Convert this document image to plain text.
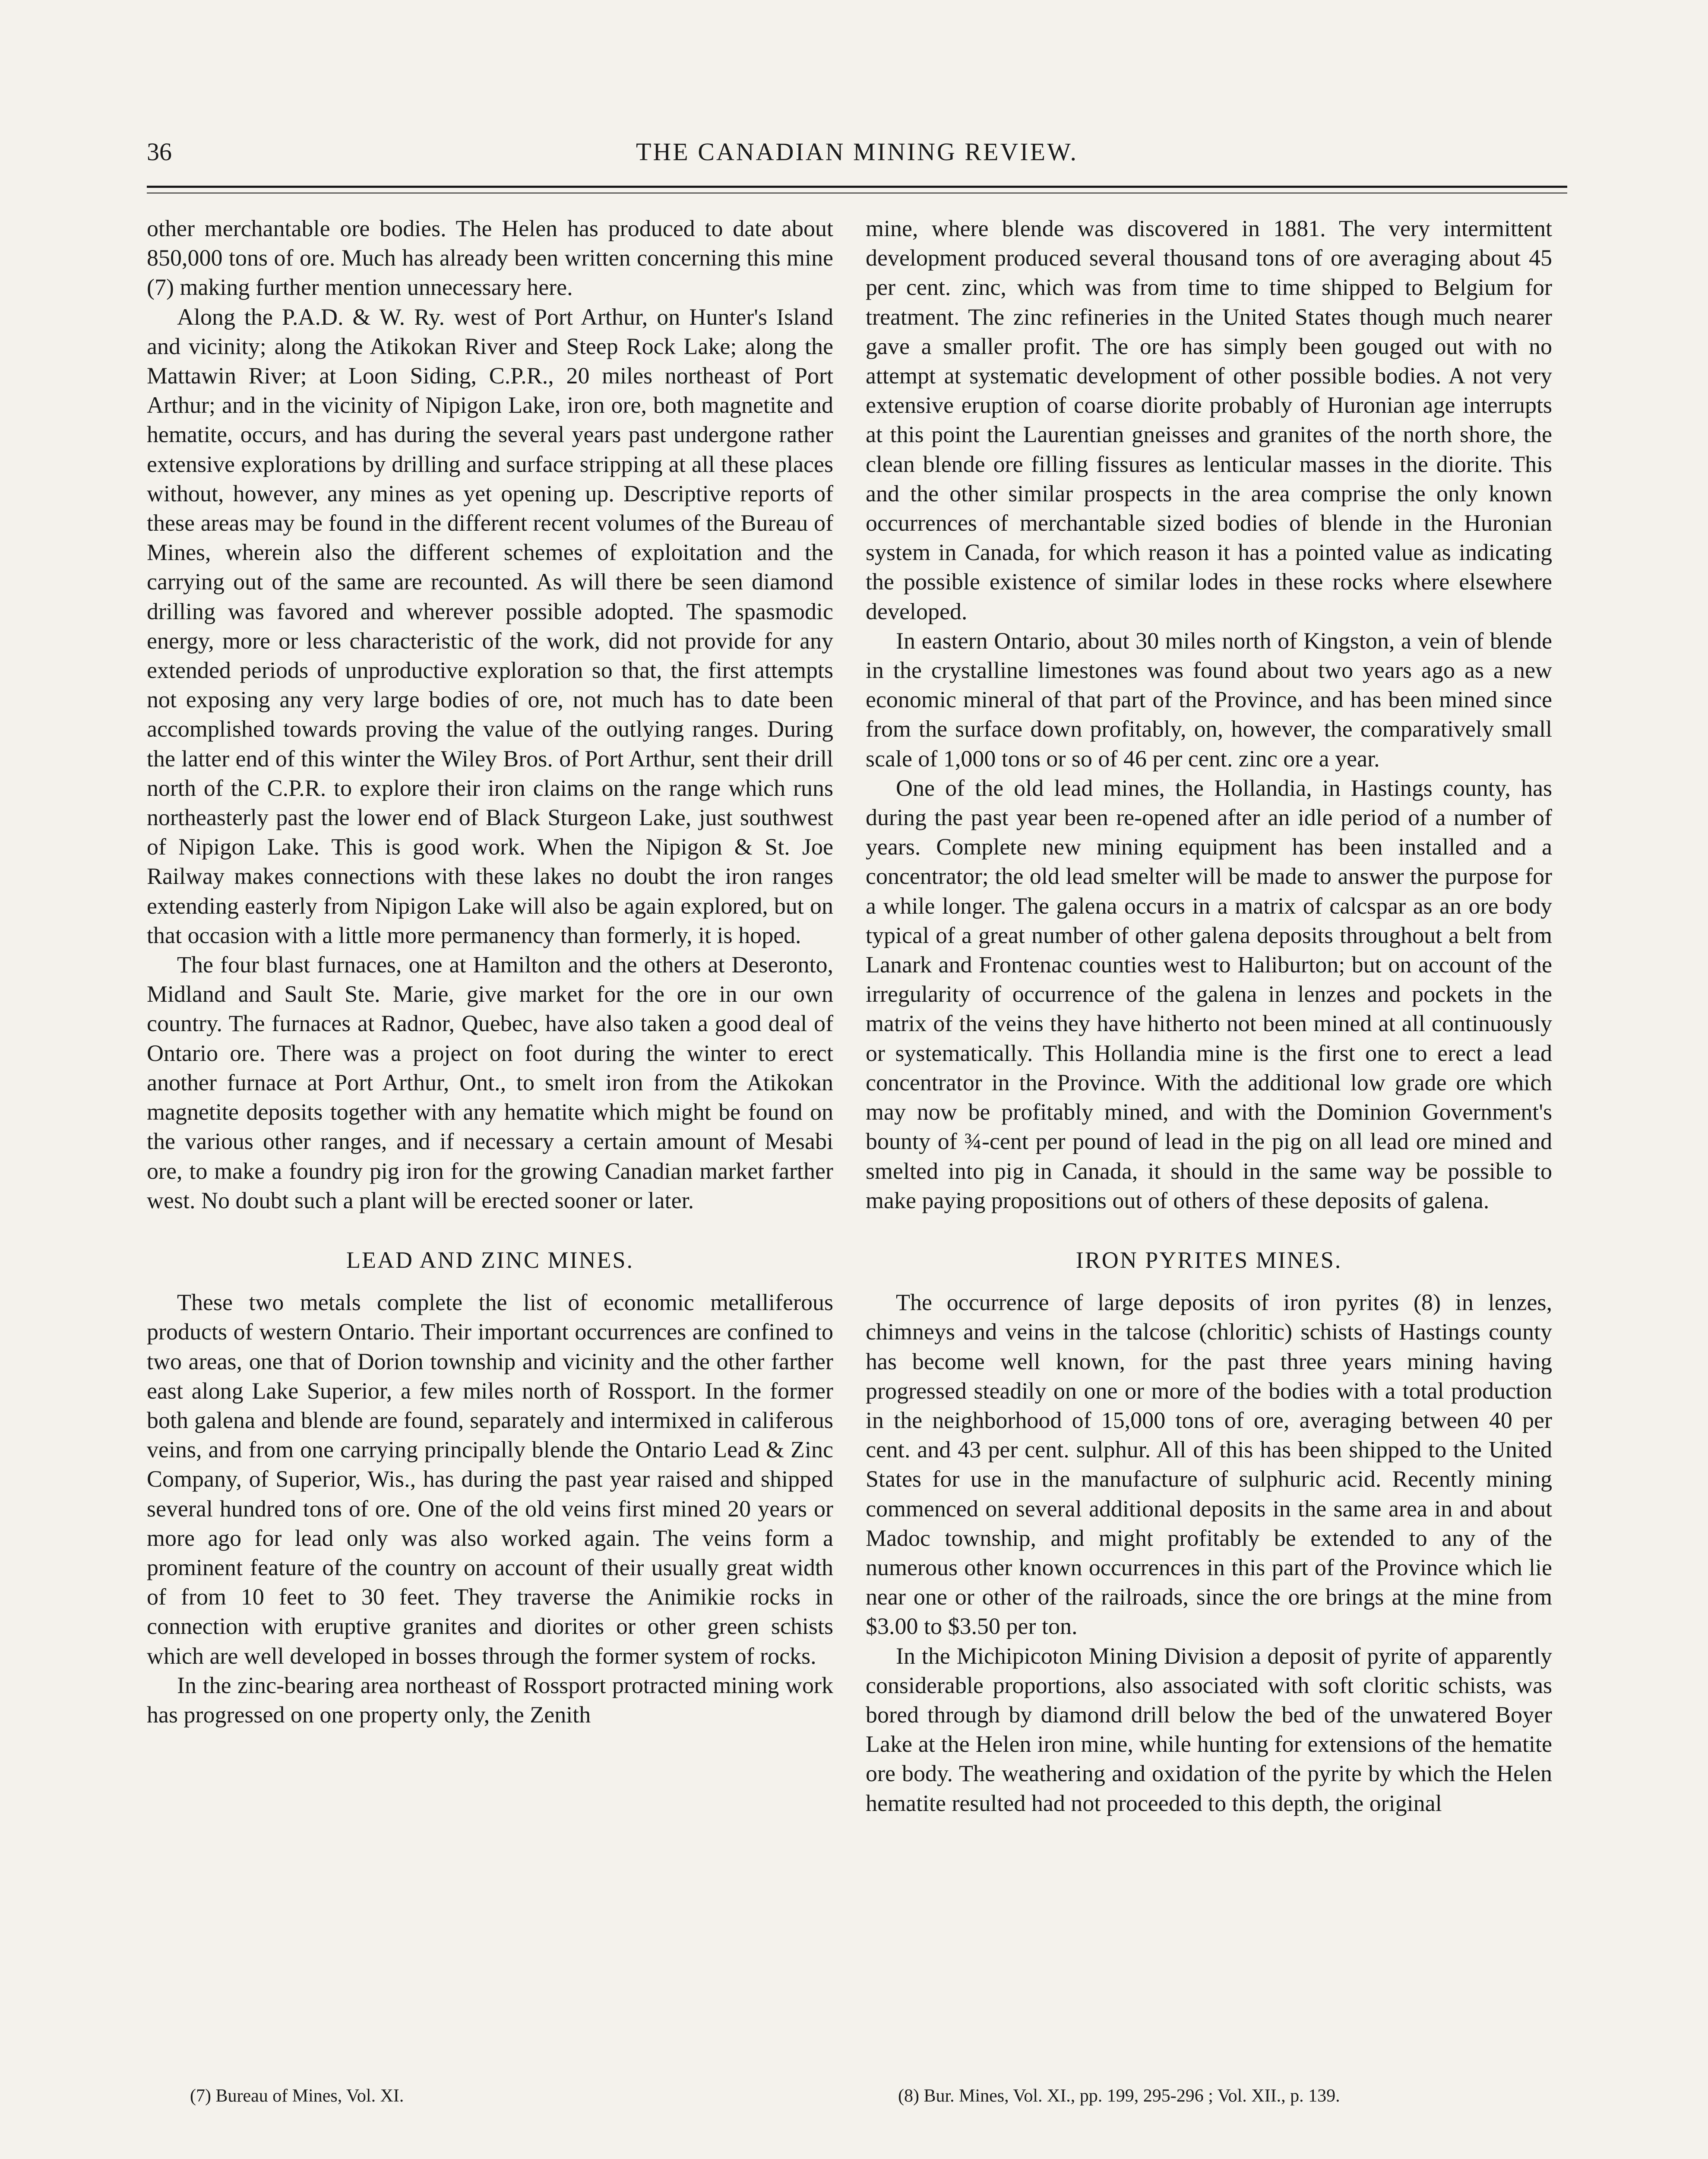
36	THE CANADIAN MINING REVIEW.

other merchantable ore bodies. The Helen has produced to date about 850,000 tons of ore. Much has already been written concerning this mine (7) making further mention unnecessary here.

Along the P.A.D. & W. Ry. west of Port Arthur, on Hunter's Island and vicinity; along the Atikokan River and Steep Rock Lake; along the Mattawin River; at Loon Siding, C.P.R., 20 miles northeast of Port Arthur; and in the vicinity of Nipigon Lake, iron ore, both magnetite and hematite, occurs, and has during the several years past undergone rather extensive explorations by drilling and surface stripping at all these places without, however, any mines as yet opening up. Descriptive reports of these areas may be found in the different recent volumes of the Bureau of Mines, wherein also the different schemes of exploitation and the carrying out of the same are recounted. As will there be seen diamond drilling was favored and wherever possible adopted. The spasmodic energy, more or less characteristic of the work, did not provide for any extended periods of unproductive exploration so that, the first attempts not exposing any very large bodies of ore, not much has to date been accomplished towards proving the value of the outlying ranges. During the latter end of this winter the Wiley Bros. of Port Arthur, sent their drill north of the C.P.R. to explore their iron claims on the range which runs northeasterly past the lower end of Black Sturgeon Lake, just southwest of Nipigon Lake. This is good work. When the Nipigon & St. Joe Railway makes connections with these lakes no doubt the iron ranges extending easterly from Nipigon Lake will also be again explored, but on that occasion with a little more permanency than formerly, it is hoped.

The four blast furnaces, one at Hamilton and the others at Deseronto, Midland and Sault Ste. Marie, give market for the ore in our own country. The furnaces at Radnor, Quebec, have also taken a good deal of Ontario ore. There was a project on foot during the winter to erect another furnace at Port Arthur, Ont., to smelt iron from the Atikokan magnetite deposits together with any hematite which might be found on the various other ranges, and if necessary a certain amount of Mesabi ore, to make a foundry pig iron for the growing Canadian market farther west. No doubt such a plant will be erected sooner or later.

LEAD AND ZINC MINES.

These two metals complete the list of economic metalliferous products of western Ontario. Their important occurrences are confined to two areas, one that of Dorion township and vicinity and the other farther east along Lake Superior, a few miles north of Rossport. In the former both galena and blende are found, separately and intermixed in califerous veins, and from one carrying principally blende the Ontario Lead & Zinc Company, of Superior, Wis., has during the past year raised and shipped several hundred tons of ore. One of the old veins first mined 20 years or more ago for lead only was also worked again. The veins form a prominent feature of the country on account of their usually great width of from 10 feet to 30 feet. They traverse the Animikie rocks in connection with eruptive granites and diorites or other green schists which are well developed in bosses through the former system of rocks.

In the zinc-bearing area northeast of Rossport protracted mining work has progressed on one property only, the Zenith

mine, where blende was discovered in 1881. The very intermittent development produced several thousand tons of ore averaging about 45 per cent. zinc, which was from time to time shipped to Belgium for treatment. The zinc refineries in the United States though much nearer gave a smaller profit. The ore has simply been gouged out with no attempt at systematic development of other possible bodies. A not very extensive eruption of coarse diorite probably of Huronian age interrupts at this point the Laurentian gneisses and granites of the north shore, the clean blende ore filling fissures as lenticular masses in the diorite. This and the other similar prospects in the area comprise the only known occurrences of merchantable sized bodies of blende in the Huronian system in Canada, for which reason it has a pointed value as indicating the possible existence of similar lodes in these rocks where elsewhere developed.

In eastern Ontario, about 30 miles north of Kingston, a vein of blende in the crystalline limestones was found about two years ago as a new economic mineral of that part of the Province, and has been mined since from the surface down profitably, on, however, the comparatively small scale of 1,000 tons or so of 46 per cent. zinc ore a year.

One of the old lead mines, the Hollandia, in Hastings county, has during the past year been re-opened after an idle period of a number of years. Complete new mining equipment has been installed and a concentrator; the old lead smelter will be made to answer the purpose for a while longer. The galena occurs in a matrix of calcspar as an ore body typical of a great number of other galena deposits throughout a belt from Lanark and Frontenac counties west to Haliburton; but on account of the irregularity of occurrence of the galena in lenzes and pockets in the matrix of the veins they have hitherto not been mined at all continuously or systematically. This Hollandia mine is the first one to erect a lead concentrator in the Province. With the additional low grade ore which may now be profitably mined, and with the Dominion Government's bounty of ¾-cent per pound of lead in the pig on all lead ore mined and smelted into pig in Canada, it should in the same way be possible to make paying propositions out of others of these deposits of galena.

IRON PYRITES MINES.

The occurrence of large deposits of iron pyrites (8) in lenzes, chimneys and veins in the talcose (chloritic) schists of Hastings county has become well known, for the past three years mining having progressed steadily on one or more of the bodies with a total production in the neighborhood of 15,000 tons of ore, averaging between 40 per cent. and 43 per cent. sulphur. All of this has been shipped to the United States for use in the manufacture of sulphuric acid. Recently mining commenced on several additional deposits in the same area in and about Madoc township, and might profitably be extended to any of the numerous other known occurrences in this part of the Province which lie near one or other of the railroads, since the ore brings at the mine from $3.00 to $3.50 per ton.

In the Michipicoton Mining Division a deposit of pyrite of apparently considerable proportions, also associated with soft cloritic schists, was bored through by diamond drill below the bed of the unwatered Boyer Lake at the Helen iron mine, while hunting for extensions of the hematite ore body. The weathering and oxidation of the pyrite by which the Helen hematite resulted had not proceeded to this depth, the original

(7) Bureau of Mines, Vol. XI.	(8) Bur. Mines, Vol. XI., pp. 199, 295-296 ; Vol. XII., p. 139.
